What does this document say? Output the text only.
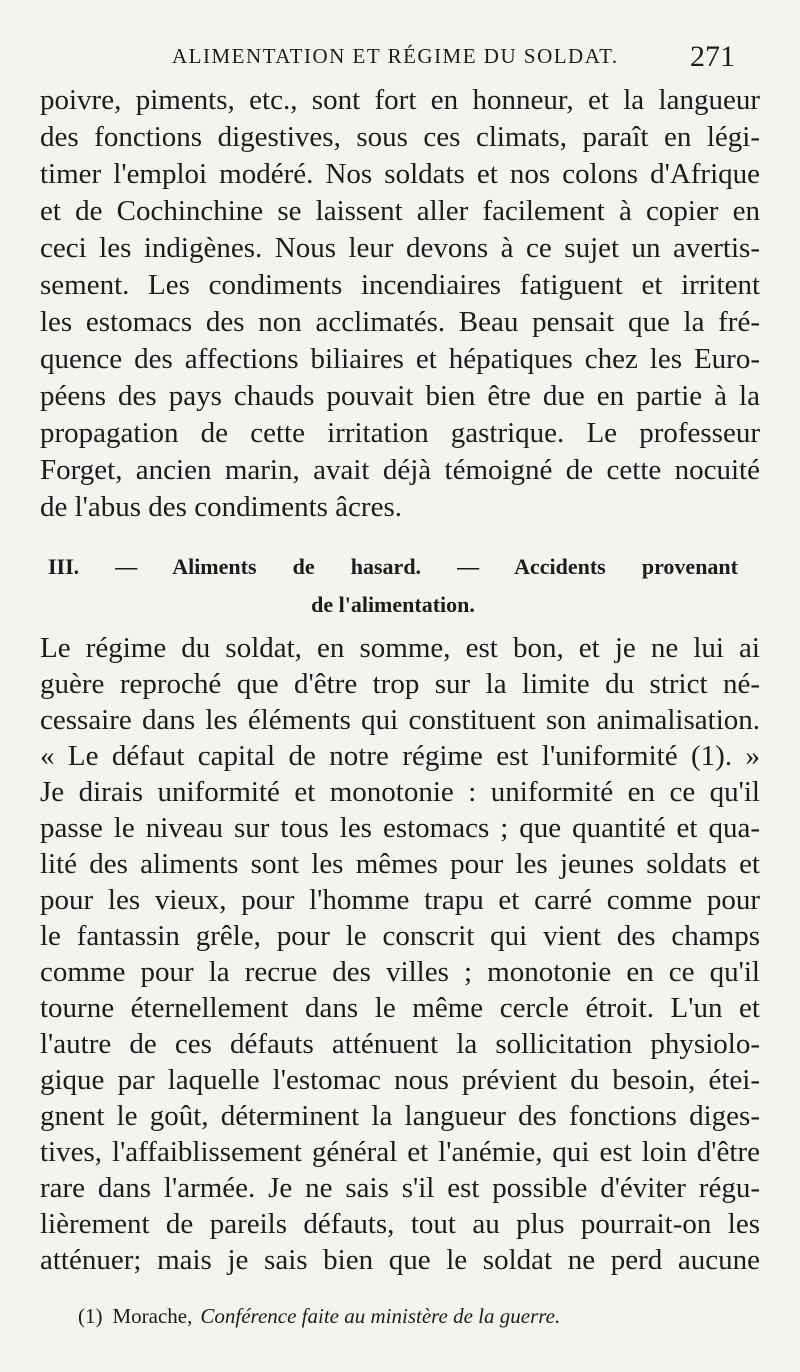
ALIMENTATION ET RÉGIME DU SOLDAT. 271
poivre, piments, etc., sont fort en honneur, et la langueur
des fonctions digestives, sous ces climats, paraît en légi-
timer l'emploi modéré. Nos soldats et nos colons d'Afrique
et de Cochinchine se laissent aller facilement à copier en
ceci les indigènes. Nous leur devons à ce sujet un avertis-
sement. Les condiments incendiaires fatiguent et irritent
les estomacs des non acclimatés. Beau pensait que la fré-
quence des affections biliaires et hépatiques chez les Euro-
péens des pays chauds pouvait bien être due en partie à la
propagation de cette irritation gastrique. Le professeur
Forget, ancien marin, avait déjà témoigné de cette nocuité
de l'abus des condiments âcres.
III. — Aliments de hasard. — Accidents provenant
de l'alimentation.
Le régime du soldat, en somme, est bon, et je ne lui ai
guère reproché que d'être trop sur la limite du strict né-
cessaire dans les éléments qui constituent son animalisation.
« Le défaut capital de notre régime est l'uniformité (1). »
Je dirais uniformité et monotonie : uniformité en ce qu'il
passe le niveau sur tous les estomacs ; que quantité et qua-
lité des aliments sont les mêmes pour les jeunes soldats et
pour les vieux, pour l'homme trapu et carré comme pour
le fantassin grêle, pour le conscrit qui vient des champs
comme pour la recrue des villes ; monotonie en ce qu'il
tourne éternellement dans le même cercle étroit. L'un et
l'autre de ces défauts atténuent la sollicitation physiolo-
gique par laquelle l'estomac nous prévient du besoin, étei-
gnent le goût, déterminent la langueur des fonctions diges-
tives, l'affaiblissement général et l'anémie, qui est loin d'être
rare dans l'armée. Je ne sais s'il est possible d'éviter régu-
lièrement de pareils défauts, tout au plus pourrait-on les
atténuer; mais je sais bien que le soldat ne perd aucune
(1) Morache, Conférence faite au ministère de la guerre.
